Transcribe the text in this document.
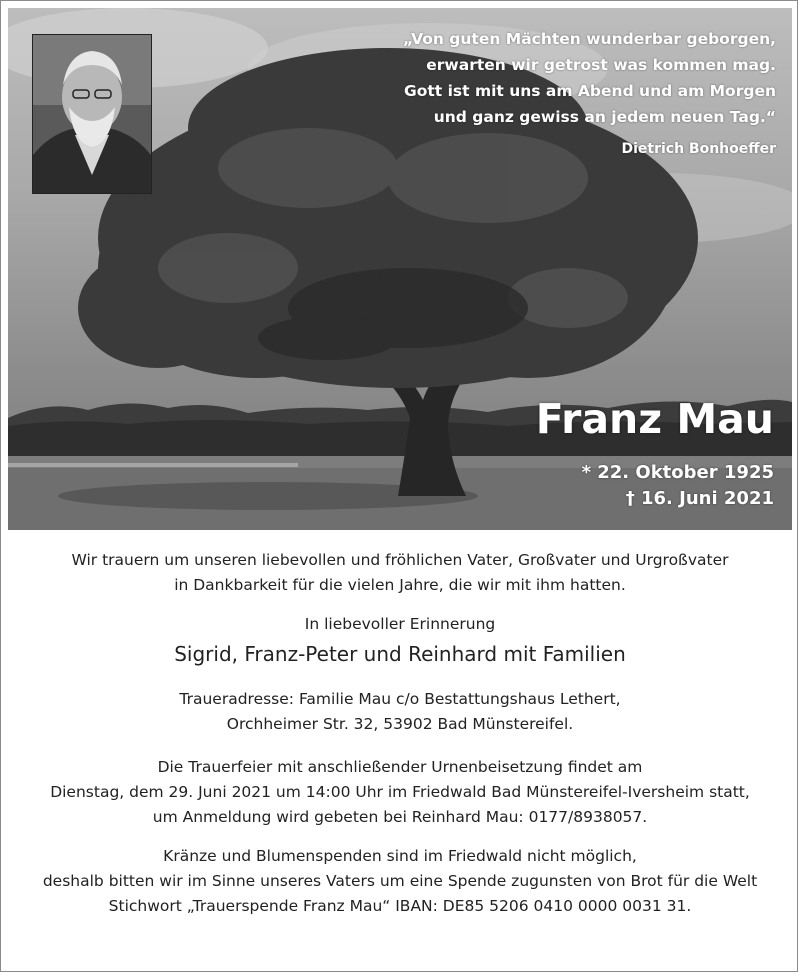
„Von guten Mächten wunderbar geborgen,
erwarten wir getrost was kommen mag.
Gott ist mit uns am Abend und am Morgen
und ganz gewiss an jedem neuen Tag.“
Dietrich Bonhoeffer
Franz Mau
* 22. Oktober 1925
† 16. Juni 2021
Wir trauern um unseren liebevollen und fröhlichen Vater, Großvater und Urgroßvater
in Dankbarkeit für die vielen Jahre, die wir mit ihm hatten.
In liebevoller Erinnerung
Sigrid, Franz-Peter und Reinhard mit Familien
Traueradresse: Familie Mau c/o Bestattungshaus Lethert,
Orchheimer Str. 32, 53902 Bad Münstereifel.
Die Trauerfeier mit anschließender Urnenbeisetzung findet am
Dienstag, dem 29. Juni 2021 um 14:00 Uhr im Friedwald Bad Münstereifel-Iversheim statt,
um Anmeldung wird gebeten bei Reinhard Mau: 0177/8938057.
Kränze und Blumenspenden sind im Friedwald nicht möglich,
deshalb bitten wir im Sinne unseres Vaters um eine Spende zugunsten von Brot für die Welt
Stichwort „Trauerspende Franz Mau“ IBAN: DE85 5206 0410 0000 0031 31.
